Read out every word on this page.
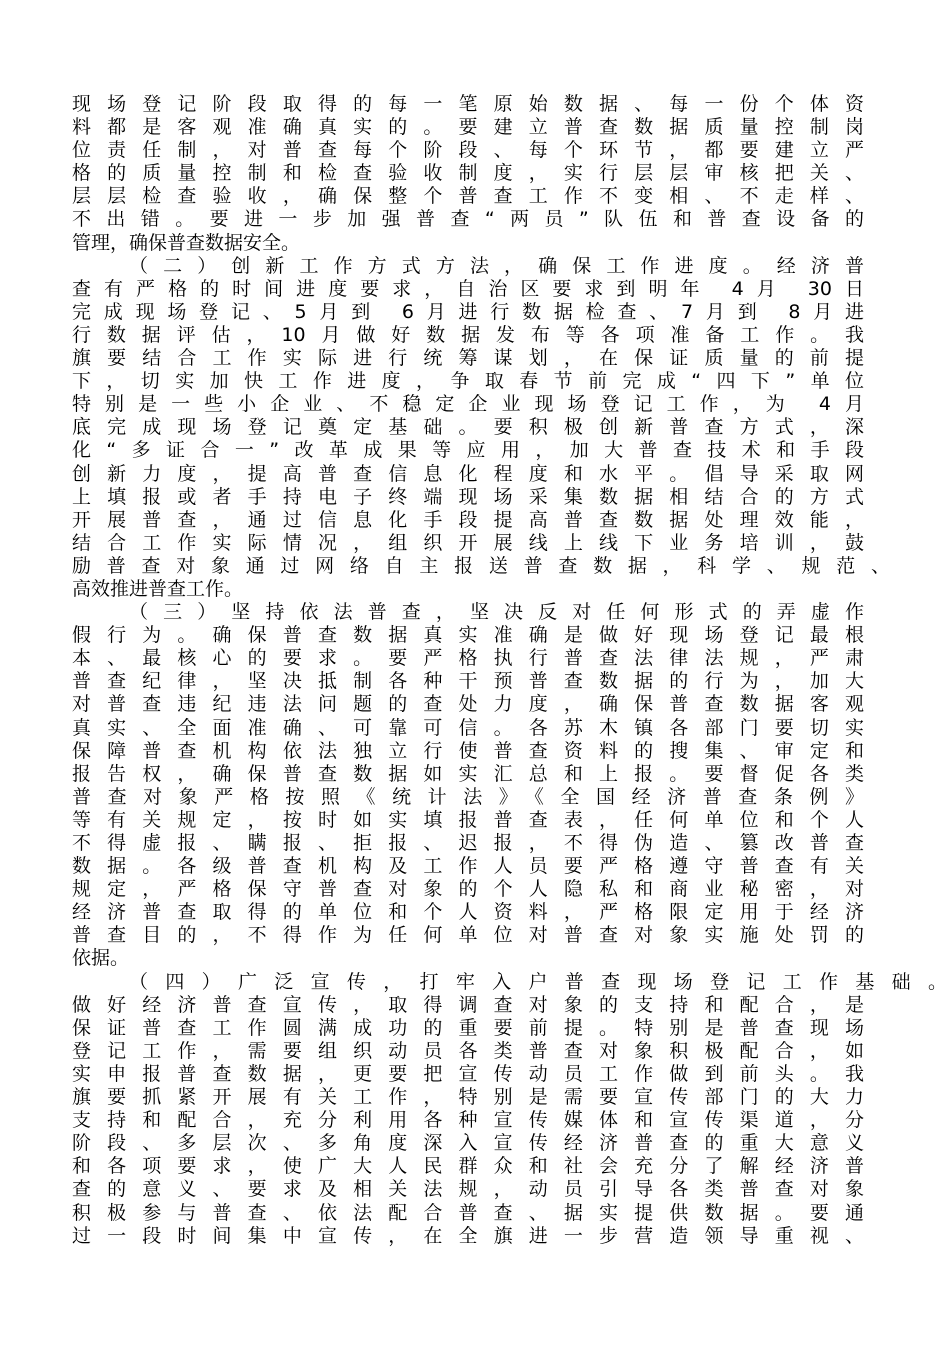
现场登记阶段取得的每一笔原始数据、每一份个体资
料都是客观准确真实的。要建立普查数据质量控制岗
位责任制，对普查每个阶段、每个环节，都要建立严
格的质量控制和检查验收制度，实行层层审核把关、
层层检查验收，确保整个普查工作不变相、不走样、
不出错。要进一步加强普查“两员”队伍和普查设备的
管理，确保普查数据安全。
（二）创新工作方式方法，确保工作进度。经济普
查有严格的时间进度要求，自治区要求到明年 4月 30日
完成现场登记、5月到 6月进行数据检查、7月到 8月进
行数据评估，10月做好数据发布等各项准备工作。我
旗要结合工作实际进行统筹谋划，在保证质量的前提
下，切实加快工作进度，争取春节前完成“四下”单位
特别是一些小企业、不稳定企业现场登记工作，为 4月
底完成现场登记奠定基础。要积极创新普查方式，深
化“多证合一”改革成果等应用，加大普查技术和手段
创新力度，提高普查信息化程度和水平。倡导采取网
上填报或者手持电子终端现场采集数据相结合的方式
开展普查，通过信息化手段提高普查数据处理效能，
结合工作实际情况，组织开展线上线下业务培训，鼓
励普查对象通过网络自主报送普查数据，科学、规范、
高效推进普查工作。
（三）坚持依法普查，坚决反对任何形式的弄虚作
假行为。确保普查数据真实准确是做好现场登记最根
本、最核心的要求。要严格执行普查法律法规，严肃
普查纪律，坚决抵制各种干预普查数据的行为，加大
对普查违纪违法问题的查处力度，确保普查数据客观
真实、全面准确、可靠可信。各苏木镇各部门要切实
保障普查机构依法独立行使普查资料的搜集、审定和
报告权，确保普查数据如实汇总和上报。要督促各类
普查对象严格按照《统计法》《全国经济普查条例》
等有关规定，按时如实填报普查表，任何单位和个人
不得虚报、瞒报、拒报、迟报，不得伪造、篡改普查
数据。各级普查机构及工作人员要严格遵守普查有关
规定，严格保守普查对象的个人隐私和商业秘密，对
经济普查取得的单位和个人资料，严格限定用于经济
普查目的，不得作为任何单位对普查对象实施处罚的
依据。
（四）广泛宣传，打牢入户普查现场登记工作基础。
做好经济普查宣传，取得调查对象的支持和配合，是
保证普查工作圆满成功的重要前提。特别是普查现场
登记工作，需要组织动员各类普查对象积极配合，如
实申报普查数据，更要把宣传动员工作做到前头。我
旗要抓紧开展有关工作，特别是需要宣传部门的大力
支持和配合，充分利用各种宣传媒体和宣传渠道，分
阶段、多层次、多角度深入宣传经济普查的重大意义
和各项要求，使广大人民群众和社会充分了解经济普
查的意义、要求及相关法规，动员引导各类普查对象
积极参与普查、依法配合普查、据实提供数据。要通
过一段时间集中宣传，在全旗进一步营造领导重视、
